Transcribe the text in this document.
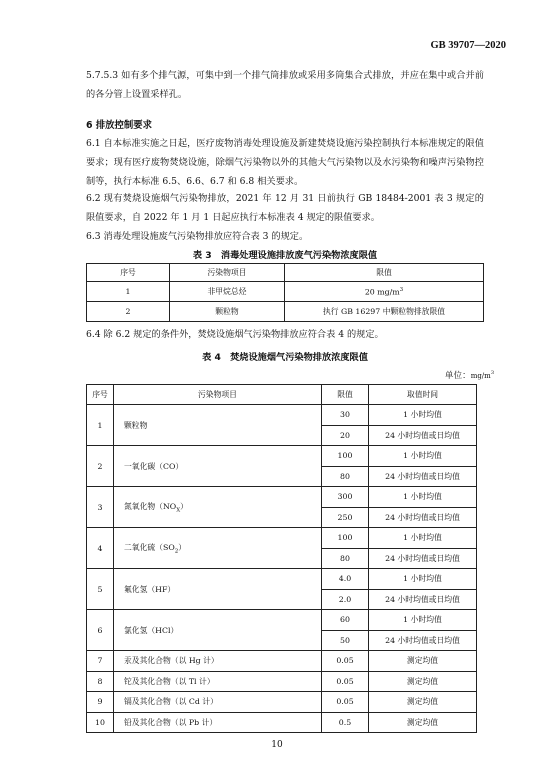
GB 39707—2020
5.7.5.3 如有多个排气源，可集中到一个排气筒排放或采用多筒集合式排放，并应在集中或合并前的各分管上设置采样孔。
6 排放控制要求
6.1 自本标准实施之日起，医疗废物消毒处理设施及新建焚烧设施污染控制执行本标准规定的限值要求；现有医疗废物焚烧设施，除烟气污染物以外的其他大气污染物以及水污染物和噪声污染物控制等，执行本标准 6.5、6.6、6.7 和 6.8 相关要求。
6.2 现有焚烧设施烟气污染物排放，2021 年 12 月 31 日前执行 GB 18484-2001 表 3 规定的限值要求，自 2022 年 1 月 1 日起应执行本标准表 4 规定的限值要求。
6.3 消毒处理设施废气污染物排放应符合表 3 的规定。
表 3　消毒处理设施排放废气污染物浓度限值
序号	污染物项目	限值
1	非甲烷总烃	20 $mg/m^3$
2	颗粒物	执行 GB 16297 中颗粒物排放限值
6.4 除 6.2 规定的条件外，焚烧设施烟气污染物排放应符合表 4 的规定。
表 4　焚烧设施烟气污染物排放浓度限值
单位：$mg/m^3$
序号	污染物项目	限值	取值时间
1	颗粒物	30	1 小时均值
		20	24 小时均值或日均值
2	一氧化碳（CO）	100	1 小时均值
		80	24 小时均值或日均值
3	氮氧化物$(NO_X)$	300	1 小时均值
		250	24 小时均值或日均值
4	二氧化硫$(SO_2)$	100	1 小时均值
		80	24 小时均值或日均值
5	氟化氢（HF）	4.0	1 小时均值
		2.0	24 小时均值或日均值
6	氯化氢（HCl）	60	1 小时均值
		50	24 小时均值或日均值
7	汞及其化合物（以 Hg 计）	0.05	测定均值
8	铊及其化合物（以 Tl 计）	0.05	测定均值
9	镉及其化合物（以 Cd 计）	0.05	测定均值
10	铅及其化合物（以 Pb 计）	0.5	测定均值
10
